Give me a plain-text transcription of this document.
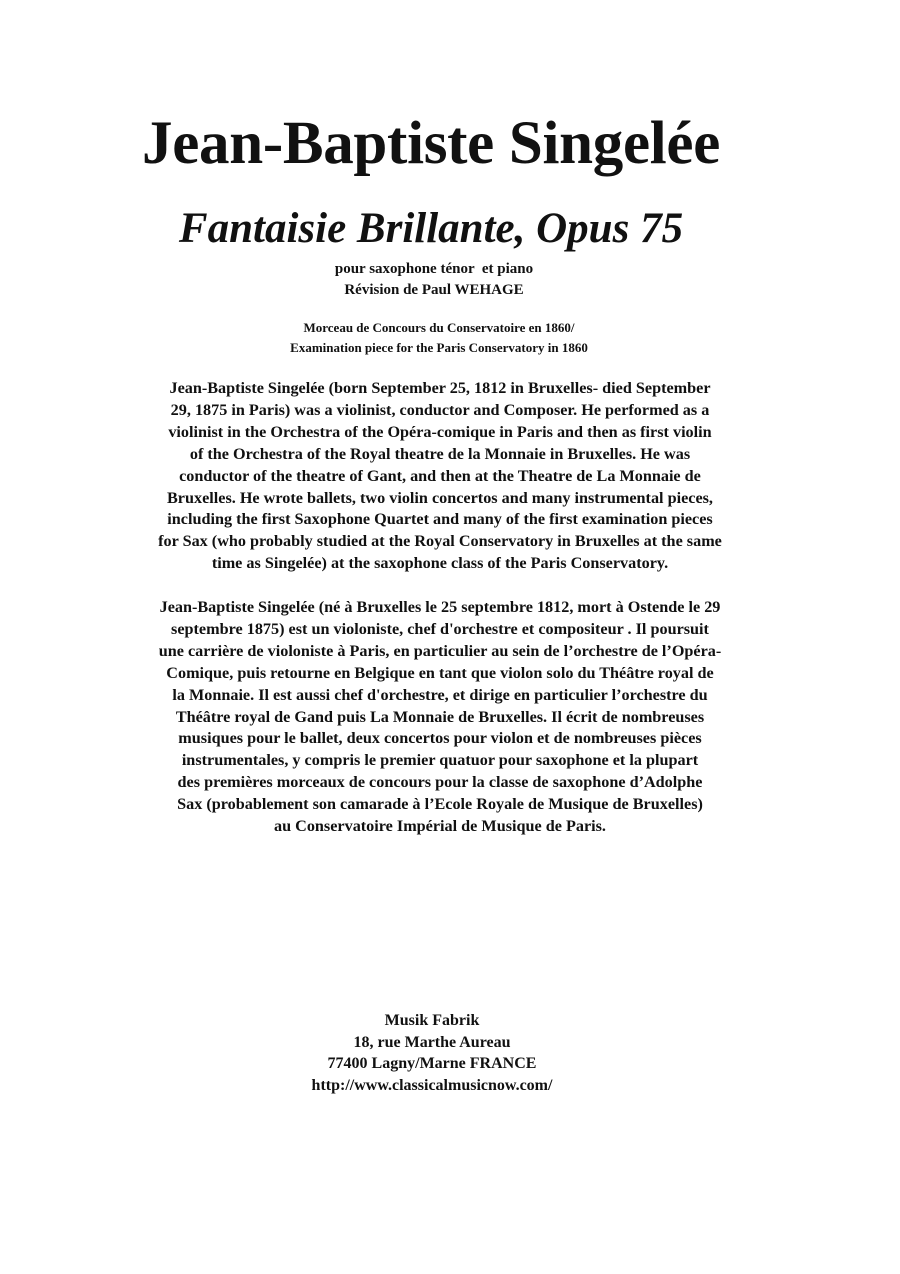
Jean-Baptiste Singelée
Fantaisie Brillante, Opus 75
pour saxophone ténor  et piano
Révision de Paul WEHAGE
Morceau de Concours du Conservatoire en 1860/
Examination piece for the Paris Conservatory in 1860
Jean-Baptiste Singelée (born September 25, 1812 in Bruxelles- died September
29, 1875 in Paris) was a violinist, conductor and Composer. He performed as a
violinist in the Orchestra of the Opéra-comique in Paris and then as first violin
of the Orchestra of the Royal theatre de la Monnaie in Bruxelles. He was
conductor of the theatre of Gant, and then at the Theatre de La Monnaie de
Bruxelles. He wrote ballets, two violin concertos and many instrumental pieces,
including the first Saxophone Quartet and many of the first examination pieces
for Sax (who probably studied at the Royal Conservatory in Bruxelles at the same
time as Singelée) at the saxophone class of the Paris Conservatory.
Jean-Baptiste Singelée (né à Bruxelles le 25 septembre 1812, mort à Ostende le 29
septembre 1875) est un violoniste, chef d'orchestre et compositeur . Il poursuit
une carrière de violoniste à Paris, en particulier au sein de l’orchestre de l’Opéra-
Comique, puis retourne en Belgique en tant que violon solo du Théâtre royal de
la Monnaie. Il est aussi chef d'orchestre, et dirige en particulier l’orchestre du
Théâtre royal de Gand puis La Monnaie de Bruxelles. Il écrit de nombreuses
musiques pour le ballet, deux concertos pour violon et de nombreuses pièces
instrumentales, y compris le premier quatuor pour saxophone et la plupart
des premières morceaux de concours pour la classe de saxophone d’Adolphe
Sax (probablement son camarade à l’Ecole Royale de Musique de Bruxelles)
au Conservatoire Impérial de Musique de Paris.
Musik Fabrik
18, rue Marthe Aureau
77400 Lagny/Marne FRANCE
http://www.classicalmusicnow.com/
